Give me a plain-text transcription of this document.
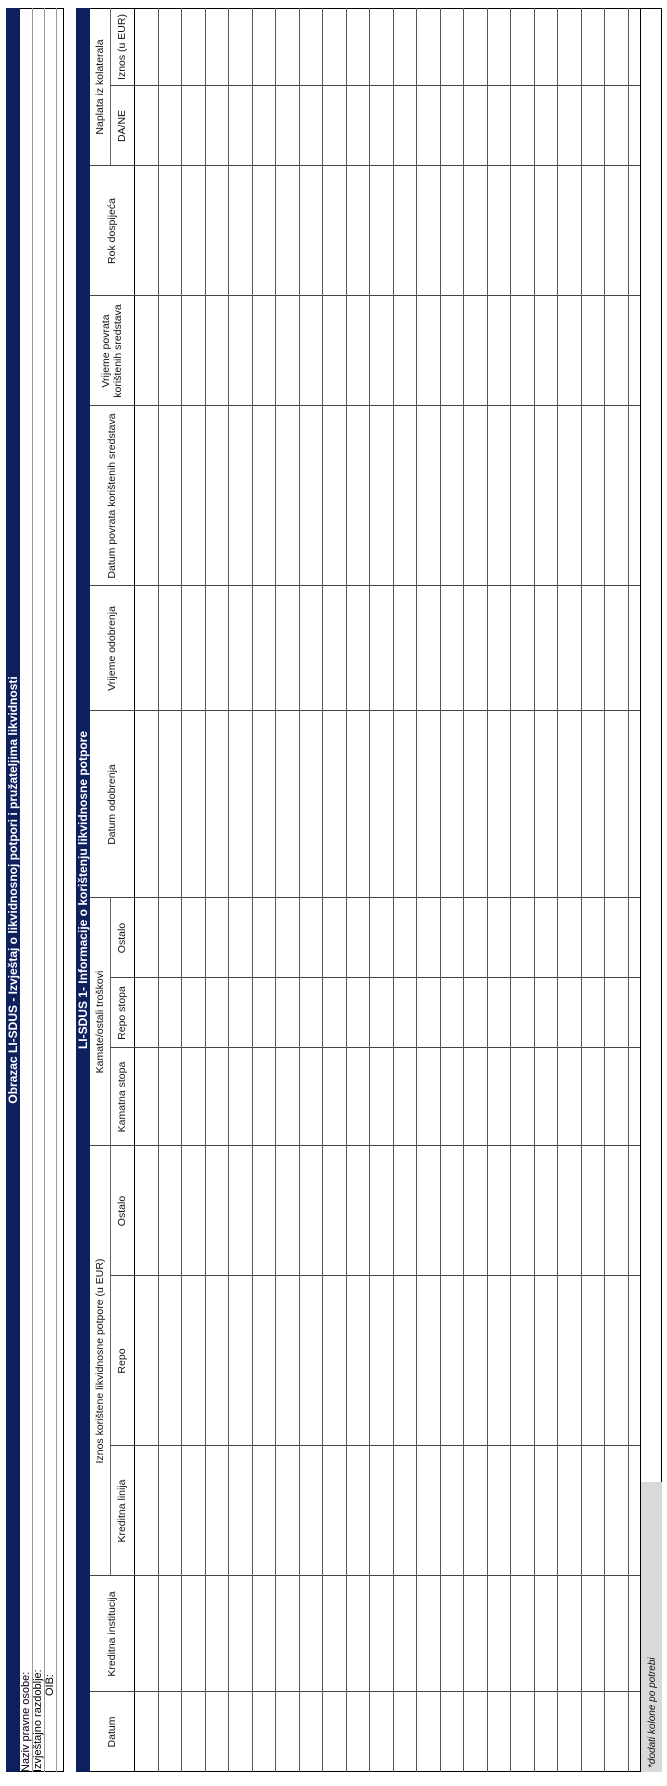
Obrazac LI-SDUS - Izvještaj o likvidnosnoj potpori i pružateljima likvidnosti
Naziv pravne osobe: Izvještajno razdoblje: OIB:
LI-SDUS 1- Informacije o korištenju likvidnosne potpore
*dodati kolone po potrebi
Datum
Kreditna institucija
Kreditna linija
Repo
Ostalo
Kamatna stopa
Repo stopa
Ostalo
Datum odobrenja
Vrijeme odobrenja
Datum povrata korištenih sredstava
Vrijeme povrata korištenih sredstava
Rok dospijeća
DA/NE
Iznos (u EUR)
Iznos korištene likvidnosne potpore (u EUR)
Kamate/ostali troškovi
Naplata iz kolaterala
